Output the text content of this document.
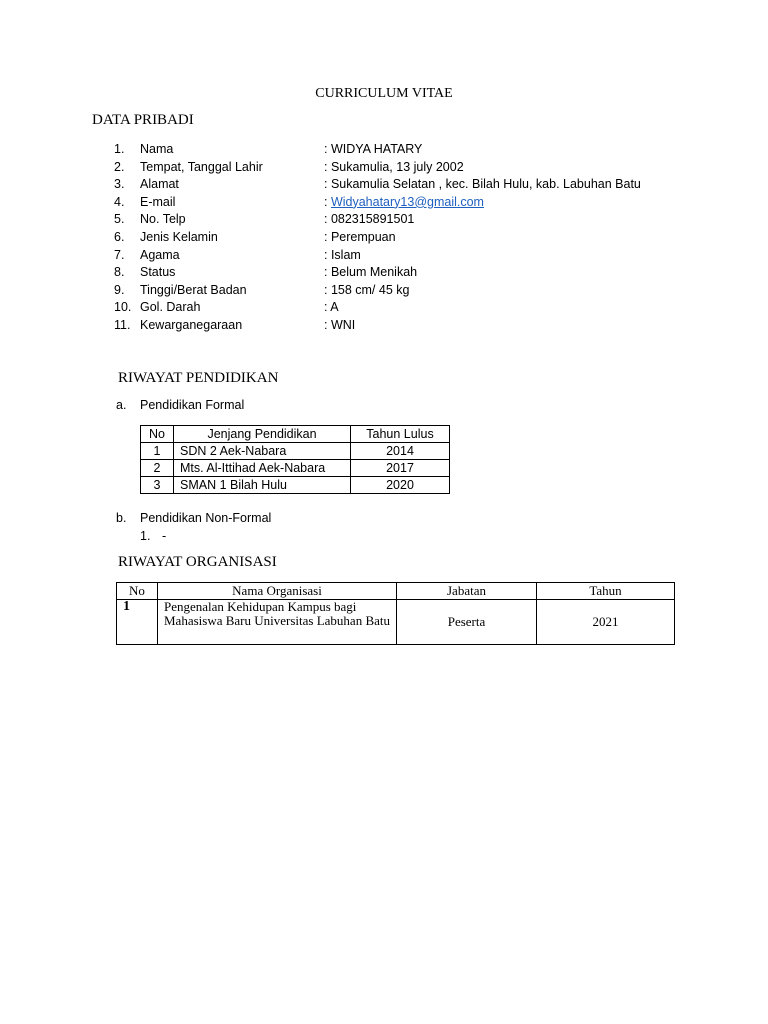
CURRICULUM VITAE
DATA PRIBADI
1. Nama	: WIDYA HATARY
2. Tempat, Tanggal Lahir	: Sukamulia, 13 july 2002
3. Alamat	: Sukamulia Selatan , kec. Bilah Hulu, kab. Labuhan Batu
4. E-mail	: Widyahatary13@gmail.com
5. No. Telp	: 082315891501
6. Jenis Kelamin	: Perempuan
7. Agama	: Islam
8. Status	: Belum Menikah
9. Tinggi/Berat Badan	: 158 cm/ 45 kg
10. Gol. Darah	: A
11. Kewarganegaraan	: WNI
RIWAYAT PENDIDIKAN
a. Pendidikan Formal
No	Jenjang Pendidikan	Tahun Lulus
1	SDN 2 Aek-Nabara	2014
2	Mts. Al-Ittihad Aek-Nabara	2017
3	SMAN 1 Bilah Hulu	2020
b. Pendidikan Non-Formal
1. -
RIWAYAT ORGANISASI
No	Nama Organisasi	Jabatan	Tahun
1	Pengenalan Kehidupan Kampus bagi Mahasiswa Baru Universitas Labuhan Batu	Peserta	2021
